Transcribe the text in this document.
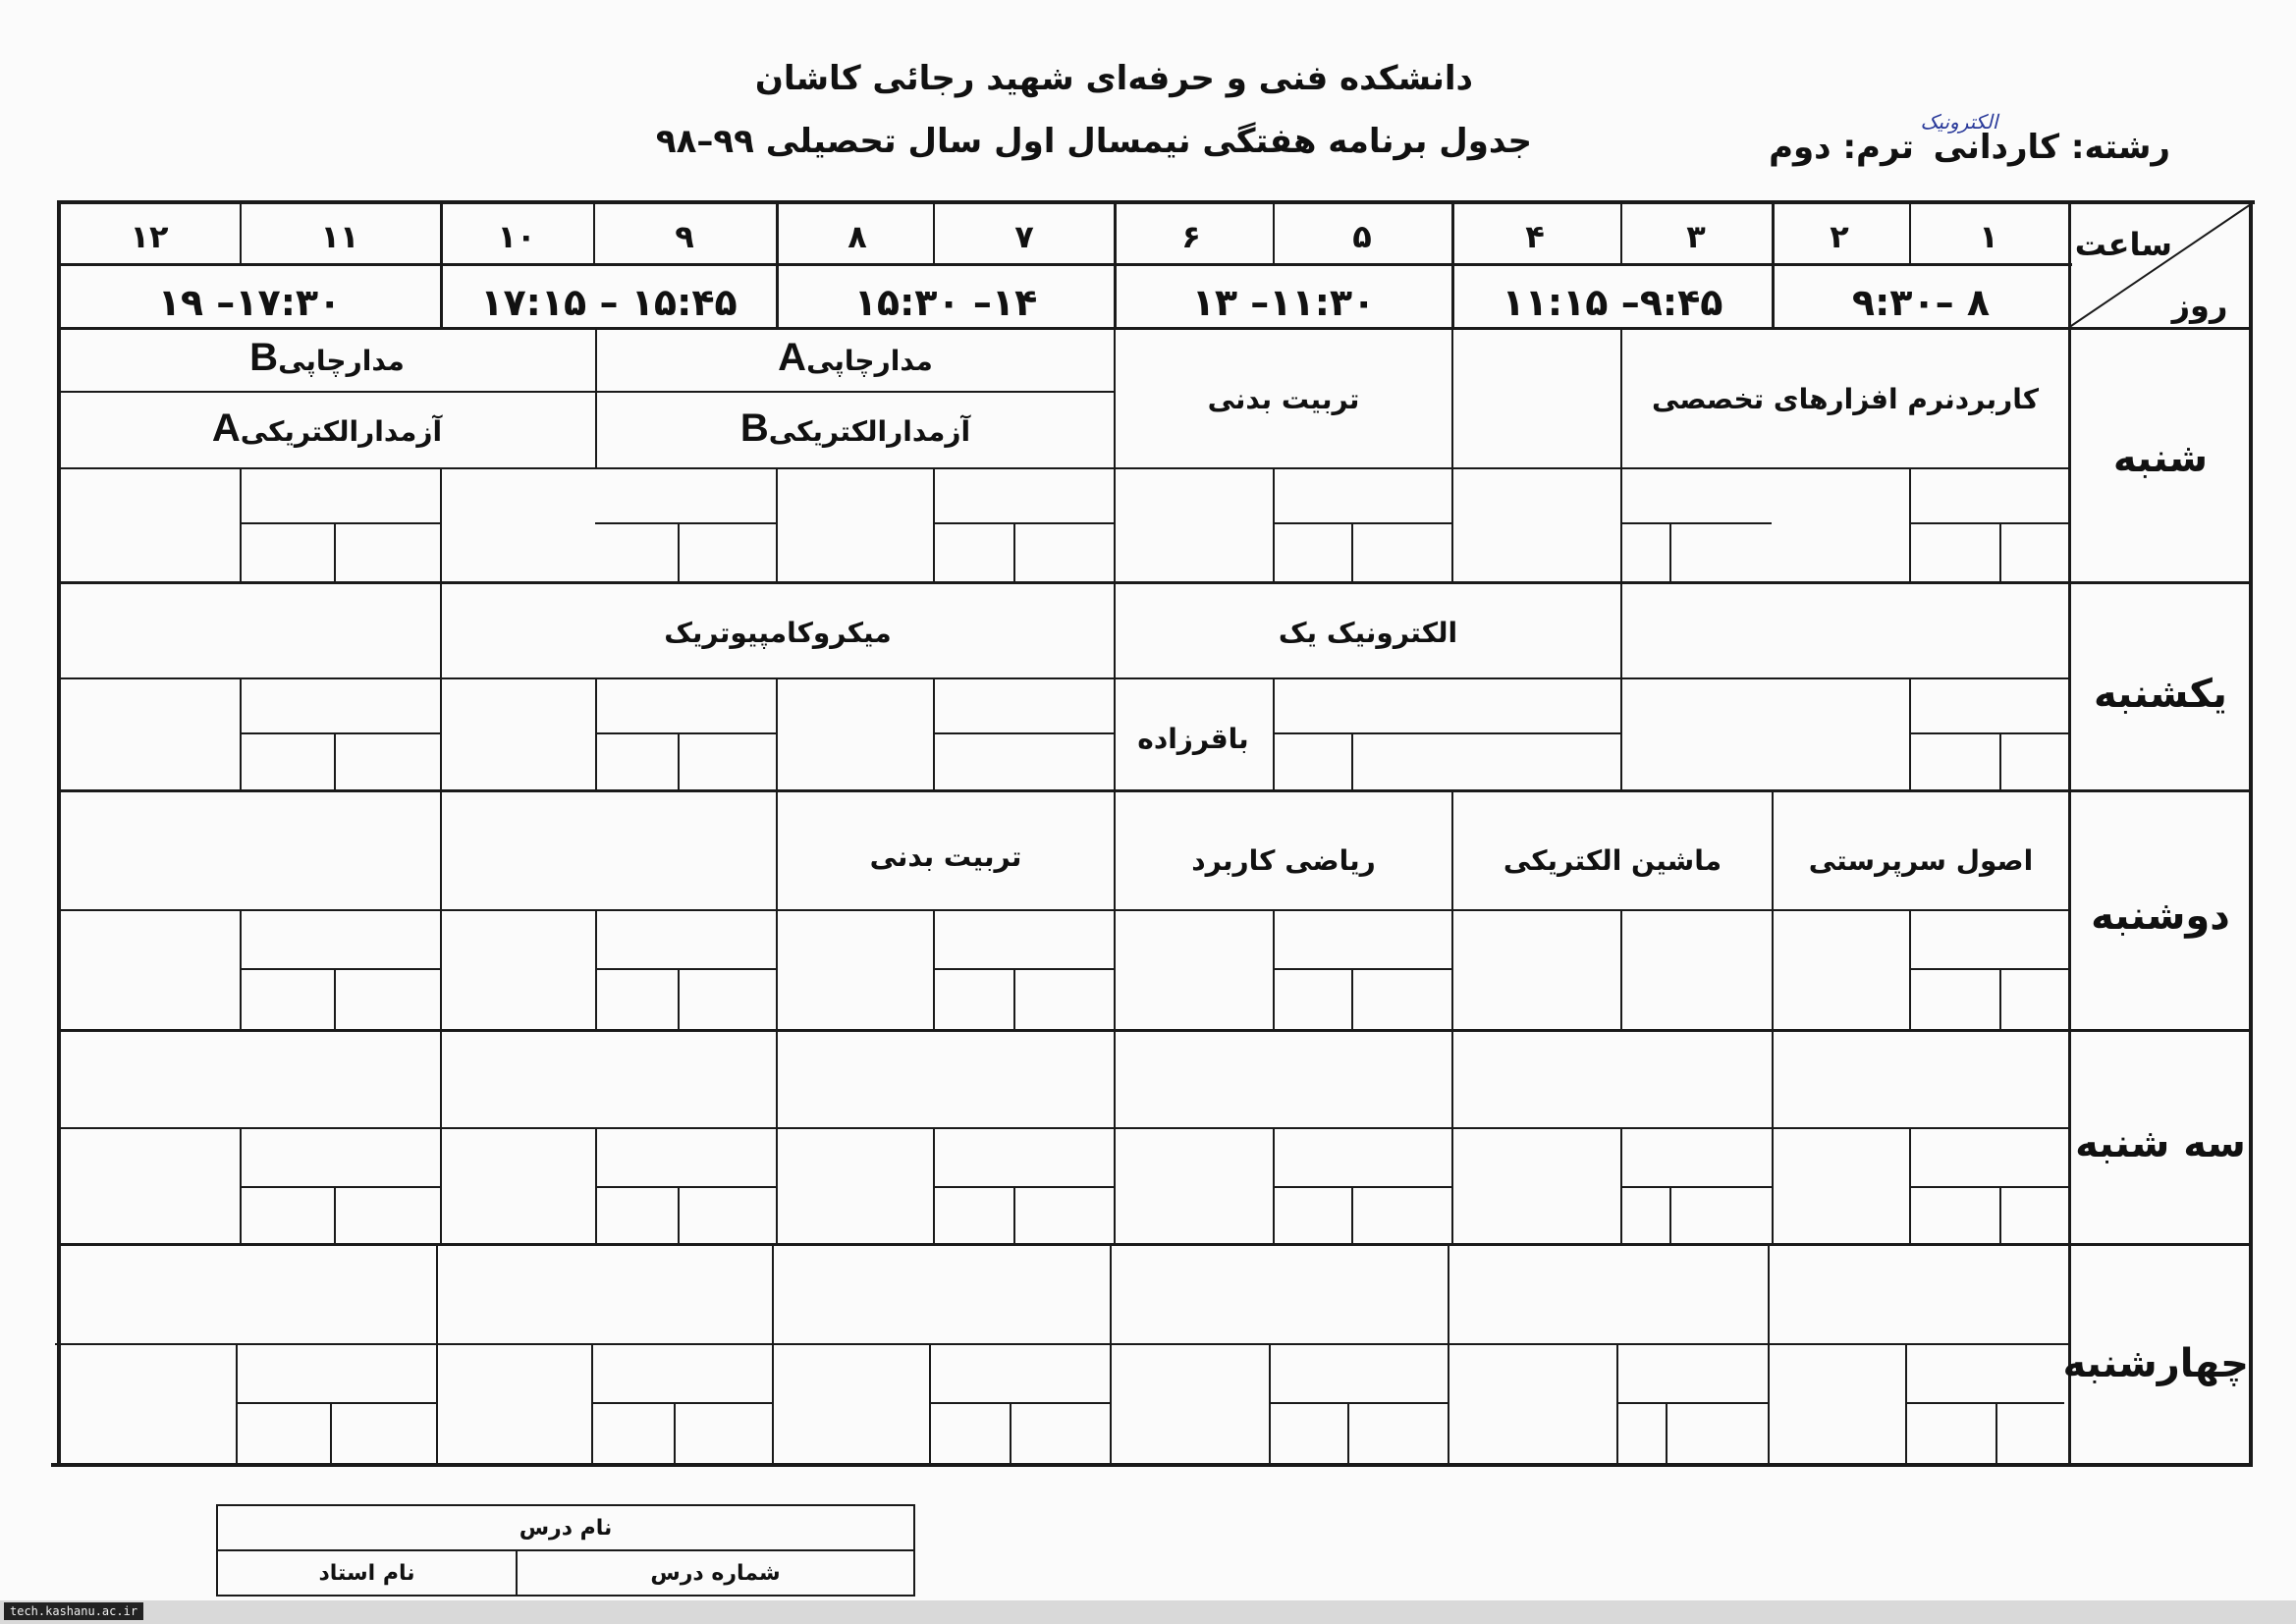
دانشکده فنی و حرفه‌ای شهید رجائی کاشان
جدول برنامه هفتگی نیمسال اول سال تحصیلی ۹۹–۹۸	رشته: کاردانی
الکترونیک
ترم: دوم
ساعت
روز
۱
۲
۳
۴
۵
۶
۷
۸
۹
۱۰
۱۱
۱۲
۸ –۹:۳۰
۹:۴۵– ۱۱:۱۵
۱۱:۳۰– ۱۳
۱۴– ۱۵:۳۰
۱۵:۴۵ – ۱۷:۱۵
۱۷:۳۰– ۱۹
شنبه
یکشنبه
دوشنبه
سه شنبه
چهارشنبه
کاربردنرم افزارهای تخصصی
تربیت بدنی
مدارچاپیA
آزمدارالکتریکیB
مدارچاپیB
آزمدارالکتریکیA
الکترونیک یک
باقرزاده
میکروکامپیوتریک
اصول سرپرستی
ماشین الکتریکی
ریاضی کاربرد
تربیت بدنی
نام درس
شماره درس
نام استاد
tech.kashanu.ac.ir
